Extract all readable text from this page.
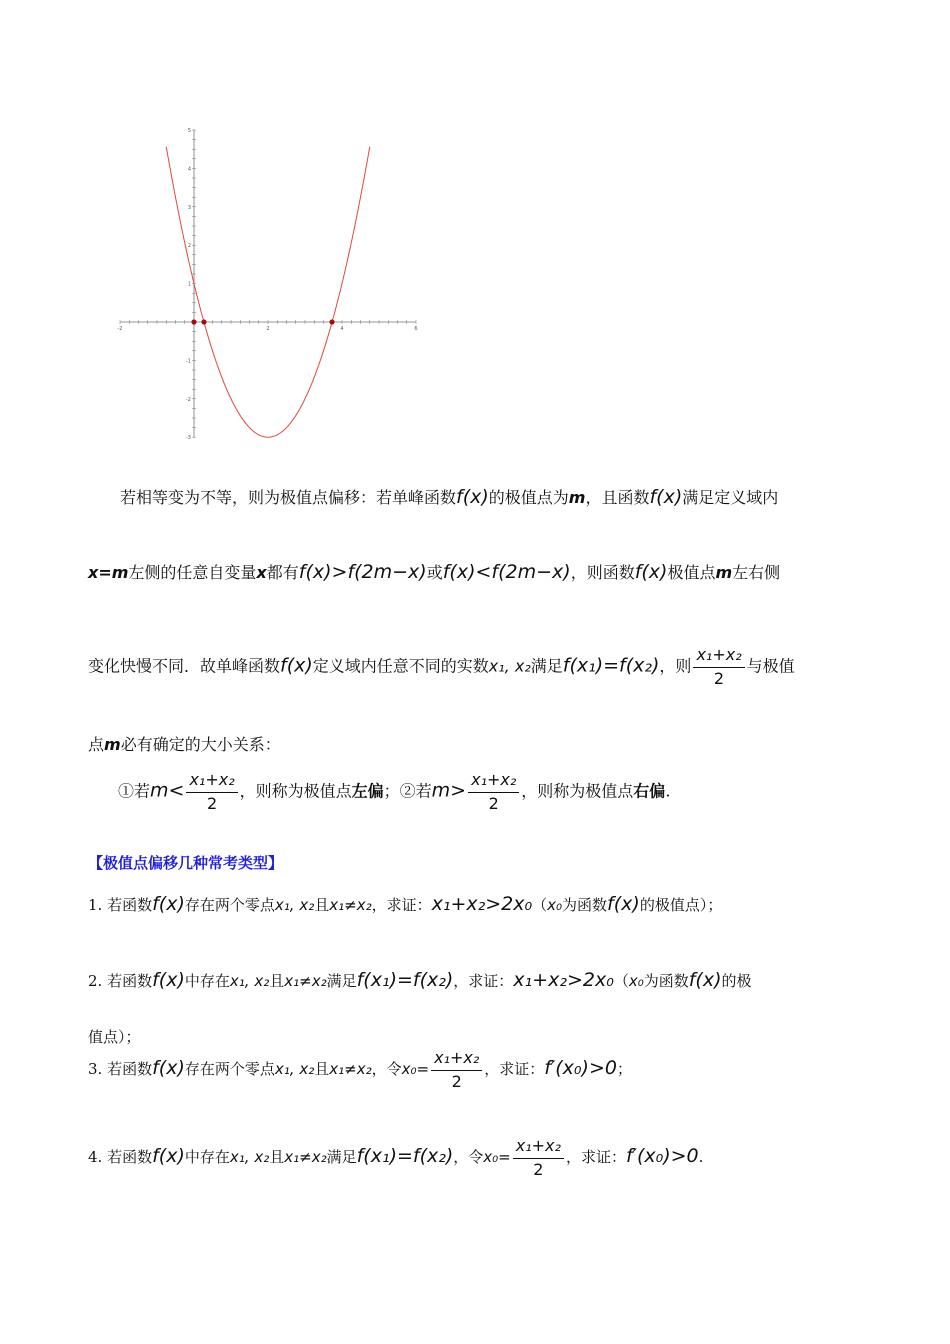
-2	2	4	6
5
4
3
2
1
-1
-2
-3
若相等变为不等，则为极值点偏移：若单峰函数f(x)的极值点为m，且函数f(x)满足定义域内
x=m左侧的任意自变量x都有f(x)>f(2m−x)或f(x)<f(2m−x)，则函数f(x)极值点m左右侧
变化快慢不同．故单峰函数f(x)定义域内任意不同的实数x₁, x₂满足f(x₁)=f(x₂)，则 $\frac{\text{x₁+x₂}}{2}$ 与极值
点m必有确定的大小关系：
①若$m< \frac{\text{x₁+x₂}}{2}$ ，则称为极值点左偏；②若$m> \frac{\text{x₁+x₂}}{2}$ ，则称为极值点右偏.
【极值点偏移几种常考类型】
1. 若函数f(x)存在两个零点x₁, x₂且x₁≠x₂，求证：x₁+x₂>2x₀（x₀为函数f(x)的极值点）；
2. 若函数f(x)中存在x₁, x₂且x₁≠x₂满足f(x₁)=f(x₂)，求证：x₁+x₂>2x₀（x₀为函数f(x)的极
值点）；
3. 若函数f(x)存在两个零点x₁, x₂且x₁≠x₂，令$x_0= \frac{\text{x₁+x₂}}{2}$ ，求证：f′(x₀)>0；
4. 若函数f(x)中存在x₁, x₂且x₁≠x₂满足f(x₁)=f(x₂)，令$x_0= \frac{\text{x₁+x₂}}{2}$ ，求证：f′(x₀)>0.
